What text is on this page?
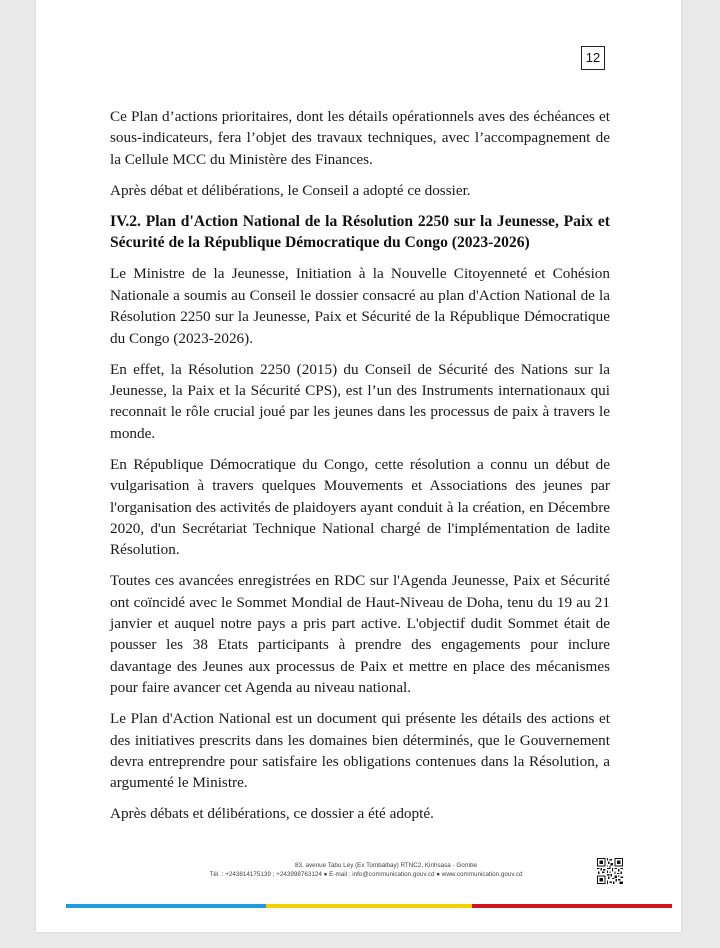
12

Ce Plan d’actions prioritaires, dont les détails opérationnels aves des échéances et sous-indicateurs, fera l’objet des travaux techniques, avec l’accompagnement de la Cellule MCC du Ministère des Finances.

Après débat et délibérations, le Conseil a adopté ce dossier.

IV.2. Plan d'Action National de la Résolution 2250 sur la Jeunesse, Paix et Sécurité de la République Démocratique du Congo (2023-2026)

Le Ministre de la Jeunesse, Initiation à la Nouvelle Citoyenneté et Cohésion Nationale a soumis au Conseil le dossier consacré au plan d'Action National de la Résolution 2250 sur la Jeunesse, Paix et Sécurité de la République Démocratique du Congo (2023-2026).

En effet, la Résolution 2250 (2015) du Conseil de Sécurité des Nations sur la Jeunesse, la Paix et la Sécurité CPS), est l’un des Instruments internationaux qui reconnait le rôle crucial joué par les jeunes dans les processus de paix à travers le monde.

En République Démocratique du Congo, cette résolution a connu un début de vulgarisation à travers quelques Mouvements et Associations des jeunes par l'organisation des activités de plaidoyers ayant conduit à la création, en Décembre 2020, d'un Secrétariat Technique National chargé de l'implémentation de ladite Résolution.

Toutes ces avancées enregistrées en RDC sur l'Agenda Jeunesse, Paix et Sécurité ont coïncidé avec le Sommet Mondial de Haut-Niveau de Doha, tenu du 19 au 21 janvier et auquel notre pays a pris part active. L'objectif dudit Sommet était de pousser les 38 Etats participants à prendre des engagements pour inclure davantage des Jeunes aux processus de Paix et mettre en place des mécanismes pour faire avancer cet Agenda au niveau national.

Le Plan d'Action National est un document qui présente les détails des actions et des initiatives prescrits dans les domaines bien déterminés, que le Gouvernement devra entreprendre pour satisfaire les obligations contenues dans la Résolution, a argumenté le Ministre.

Après débats et délibérations, ce dossier a été adopté.

83, avenue Tabu Ley (Ex Tombalbay) RTNC2, Kinhsasa - Gombe
Tél. : +243814175139 ; +243998763124 ● E-mail : info@communication.gouv.cd ● www.communication.gouv.cd
